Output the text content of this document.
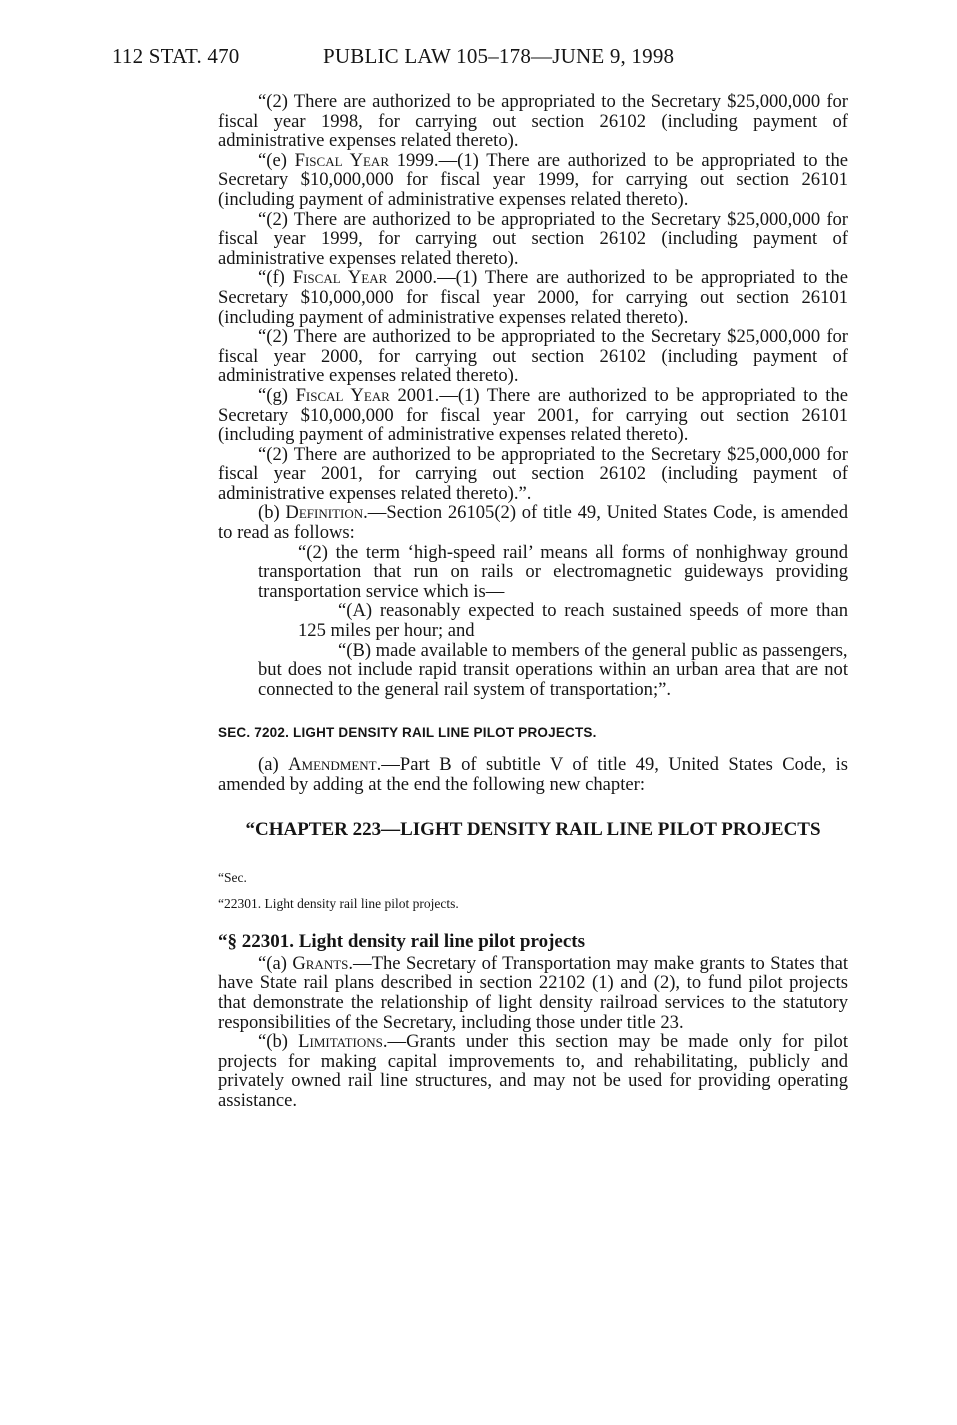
112 STAT. 470	PUBLIC LAW 105–178—JUNE 9, 1998

“(2) There are authorized to be appropriated to the Secretary $25,000,000 for fiscal year 1998, for carrying out section 26102 (including payment of administrative expenses related thereto).

“(e) Fiscal Year 1999.—(1) There are authorized to be appropriated to the Secretary $10,000,000 for fiscal year 1999, for carrying out section 26101 (including payment of administrative expenses related thereto).

“(2) There are authorized to be appropriated to the Secretary $25,000,000 for fiscal year 1999, for carrying out section 26102 (including payment of administrative expenses related thereto).

“(f) Fiscal Year 2000.—(1) There are authorized to be appropriated to the Secretary $10,000,000 for fiscal year 2000, for carrying out section 26101 (including payment of administrative expenses related thereto).

“(2) There are authorized to be appropriated to the Secretary $25,000,000 for fiscal year 2000, for carrying out section 26102 (including payment of administrative expenses related thereto).

“(g) Fiscal Year 2001.—(1) There are authorized to be appropriated to the Secretary $10,000,000 for fiscal year 2001, for carrying out section 26101 (including payment of administrative expenses related thereto).

“(2) There are authorized to be appropriated to the Secretary $25,000,000 for fiscal year 2001, for carrying out section 26102 (including payment of administrative expenses related thereto).”.

(b) Definition.—Section 26105(2) of title 49, United States Code, is amended to read as follows:

“(2) the term ‘high-speed rail’ means all forms of nonhighway ground transportation that run on rails or electromagnetic guideways providing transportation service which is—

“(A) reasonably expected to reach sustained speeds of more than 125 miles per hour; and

“(B) made available to members of the general public as passengers,

but does not include rapid transit operations within an urban area that are not connected to the general rail system of transportation;”.

SEC. 7202. LIGHT DENSITY RAIL LINE PILOT PROJECTS.

(a) Amendment.—Part B of subtitle V of title 49, United States Code, is amended by adding at the end the following new chapter:

“CHAPTER 223—LIGHT DENSITY RAIL LINE PILOT PROJECTS

“Sec.

“22301. Light density rail line pilot projects.

“§ 22301. Light density rail line pilot projects

“(a) Grants.—The Secretary of Transportation may make grants to States that have State rail plans described in section 22102 (1) and (2), to fund pilot projects that demonstrate the relationship of light density railroad services to the statutory responsibilities of the Secretary, including those under title 23.

“(b) Limitations.—Grants under this section may be made only for pilot projects for making capital improvements to, and rehabilitating, publicly and privately owned rail line structures, and may not be used for providing operating assistance.
